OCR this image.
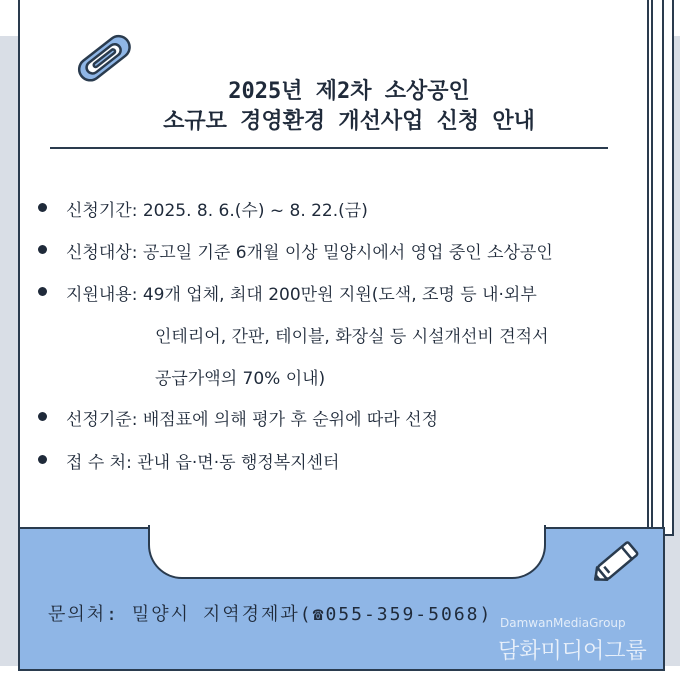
2025년 제2차 소상공인
소규모 경영환경 개선사업 신청 안내
신청기간: 2025. 8. 6.(수) ~ 8. 22.(금)
신청대상: 공고일 기준 6개월 이상 밀양시에서 영업 중인 소상공인
지원내용: 49개 업체, 최대 200만원 지원(도색, 조명 등 내·외부
인테리어, 간판, 테이블, 화장실 등 시설개선비 견적서
공급가액의 70% 이내)
선정기준: 배점표에 의해 평가 후 순위에 따라 선정
접 수 처: 관내 읍·면·동 행정복지센터
문의처: 밀양시 지역경제과(☎055-359-5068) DamwanMediaGroup
담화미디어그룹
